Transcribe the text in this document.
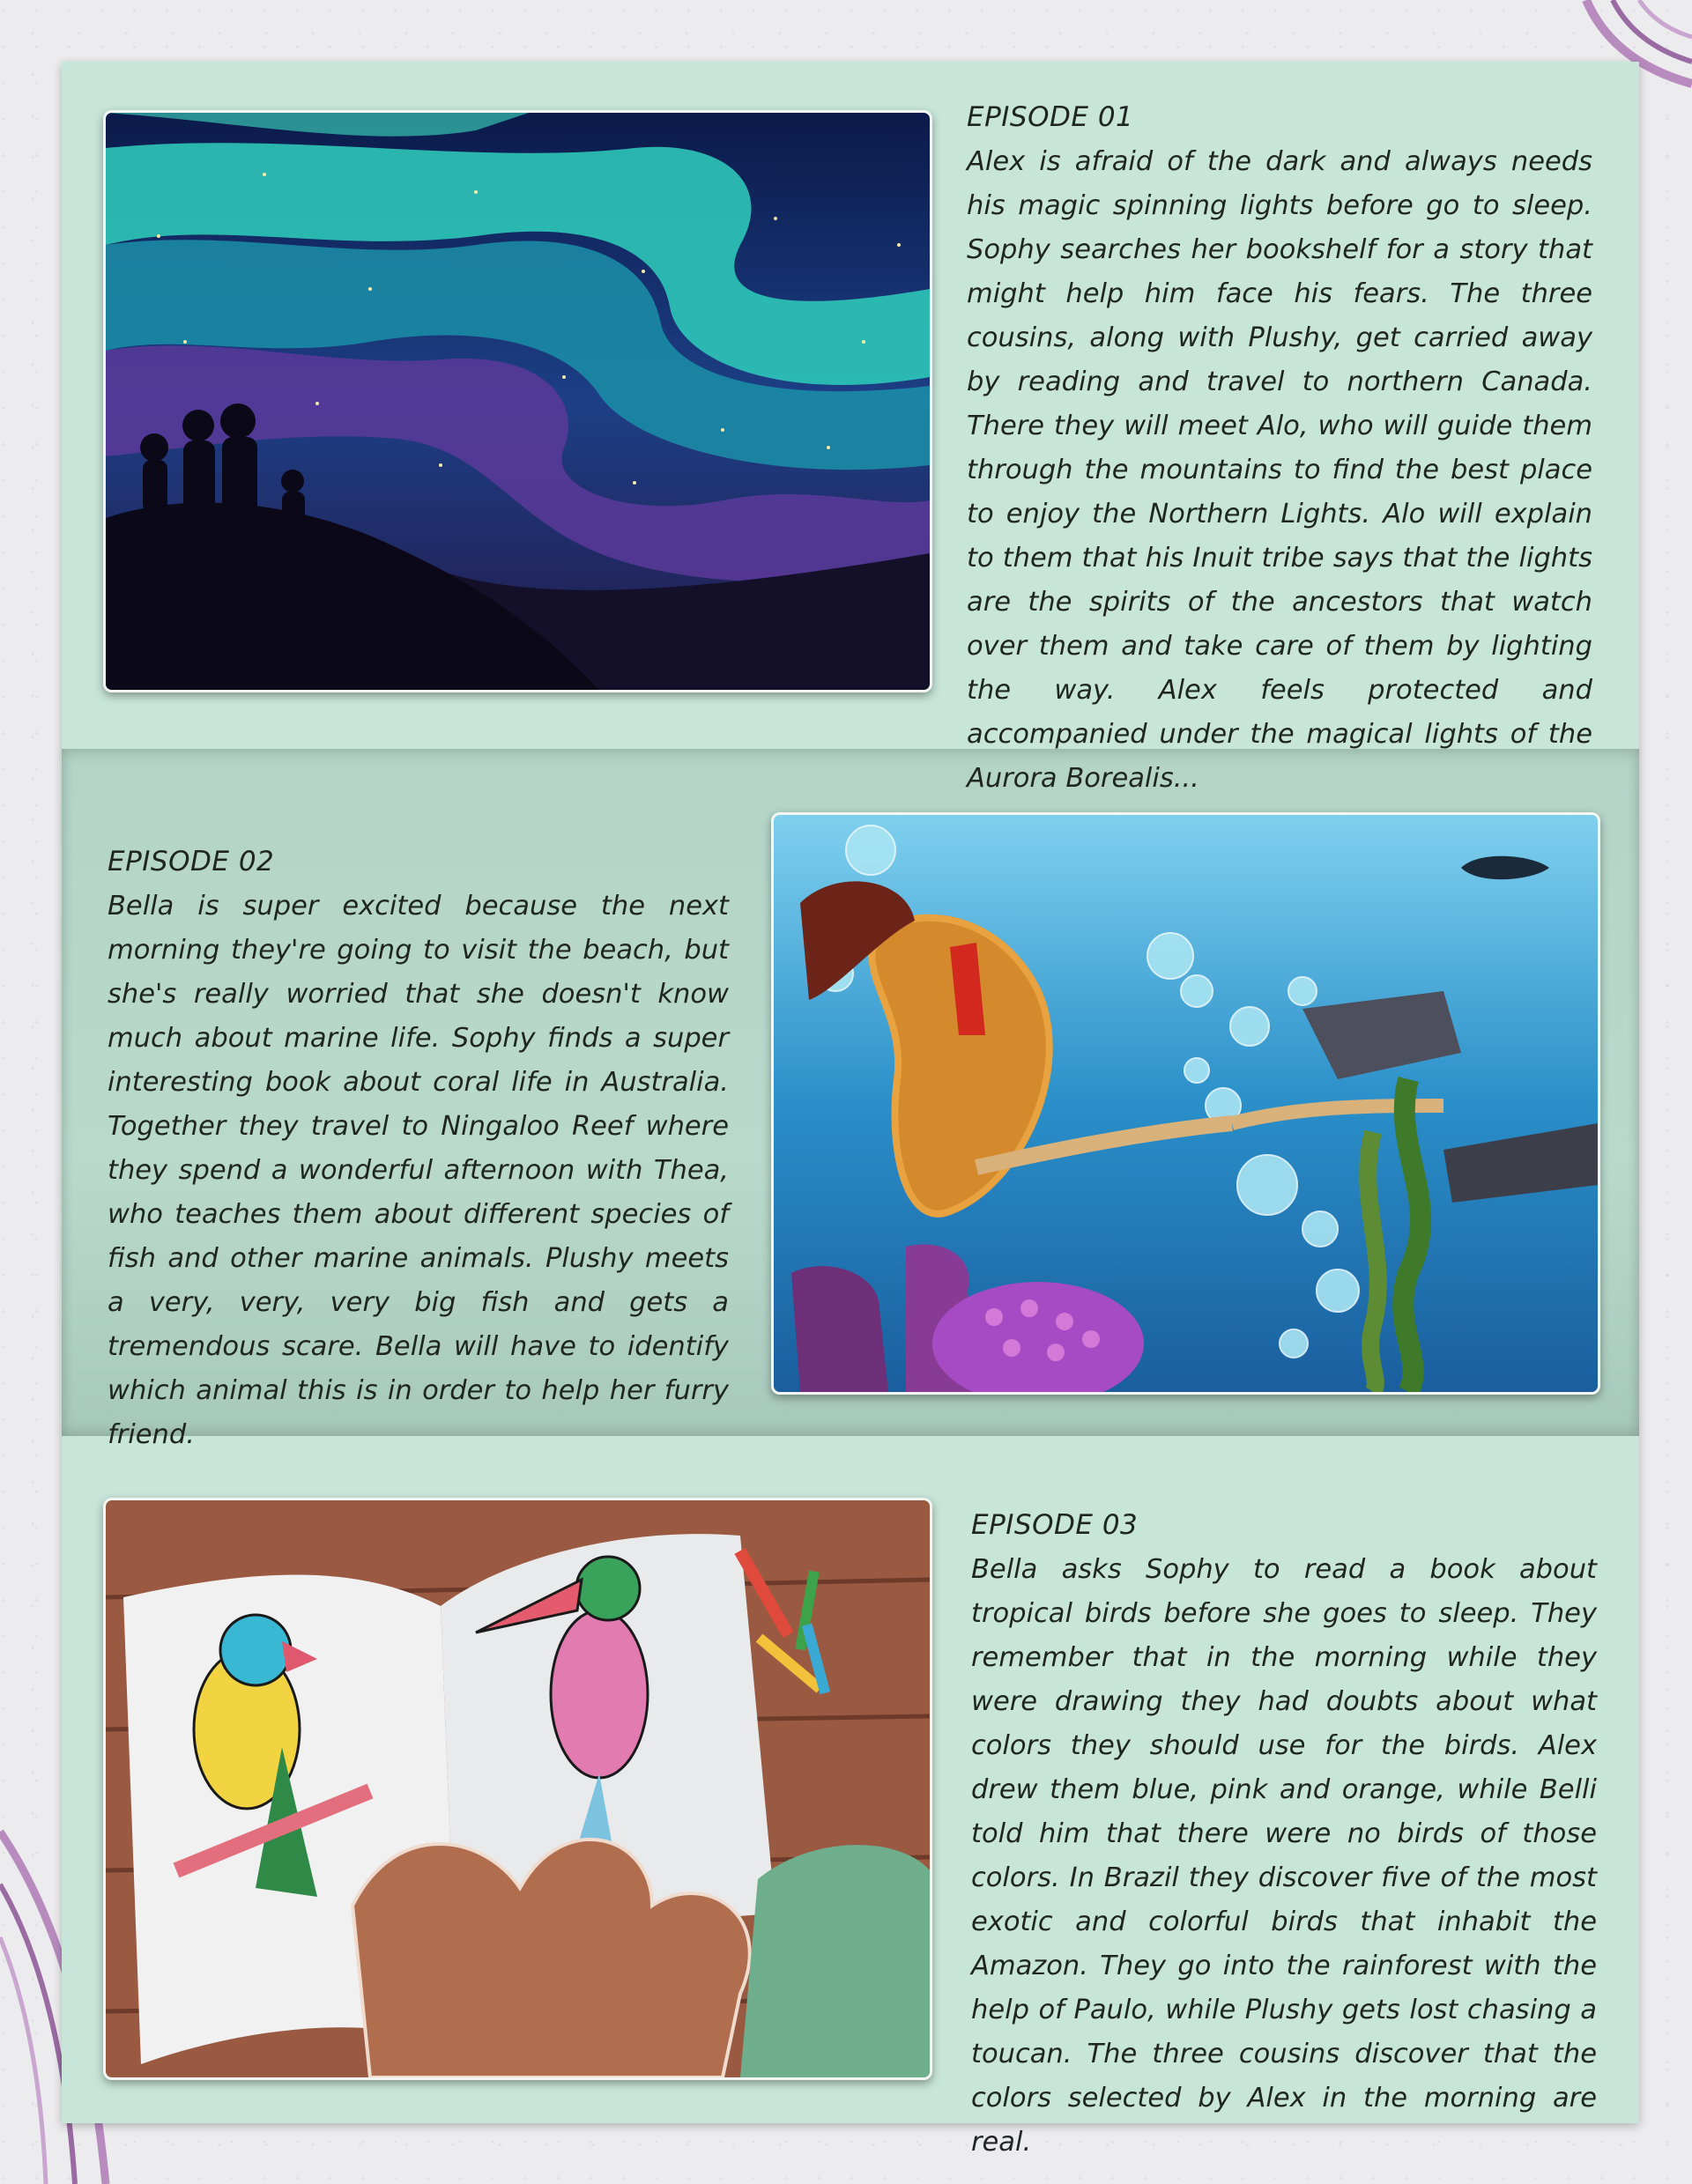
EPISODE 01

Alex is afraid of the dark and always needs his magic spinning lights before go to sleep. Sophy searches her bookshelf for a story that might help him face his fears. The three cousins, along with Plushy, get carried away by reading and travel to northern Canada. There they will meet Alo, who will guide them through the mountains to find the best place to enjoy the Northern Lights. Alo will explain to them that his Inuit tribe says that the lights are the spirits of the ancestors that watch over them and take care of them by lighting the way. Alex feels protected and accompanied under the magical lights of the Aurora Borealis...

EPISODE 02

Bella is super excited because the next morning they're going to visit the beach, but she's really worried that she doesn't know much about marine life. Sophy finds a super interesting book about coral life in Australia. Together they travel to Ningaloo Reef where they spend a wonderful afternoon with Thea, who teaches them about different species of fish and other marine animals. Plushy meets a very, very, very big fish and gets a tremendous scare. Bella will have to identify which animal this is in order to help her furry friend.

EPISODE 03

Bella asks Sophy to read a book about tropical birds before she goes to sleep. They remember that in the morning while they were drawing they had doubts about what colors they should use for the birds. Alex drew them blue, pink and orange, while Belli told him that there were no birds of those colors. In Brazil they discover five of the most exotic and colorful birds that inhabit the Amazon. They go into the rainforest with the help of Paulo, while Plushy gets lost chasing a toucan. The three cousins discover that the colors selected by Alex in the morning are real.
